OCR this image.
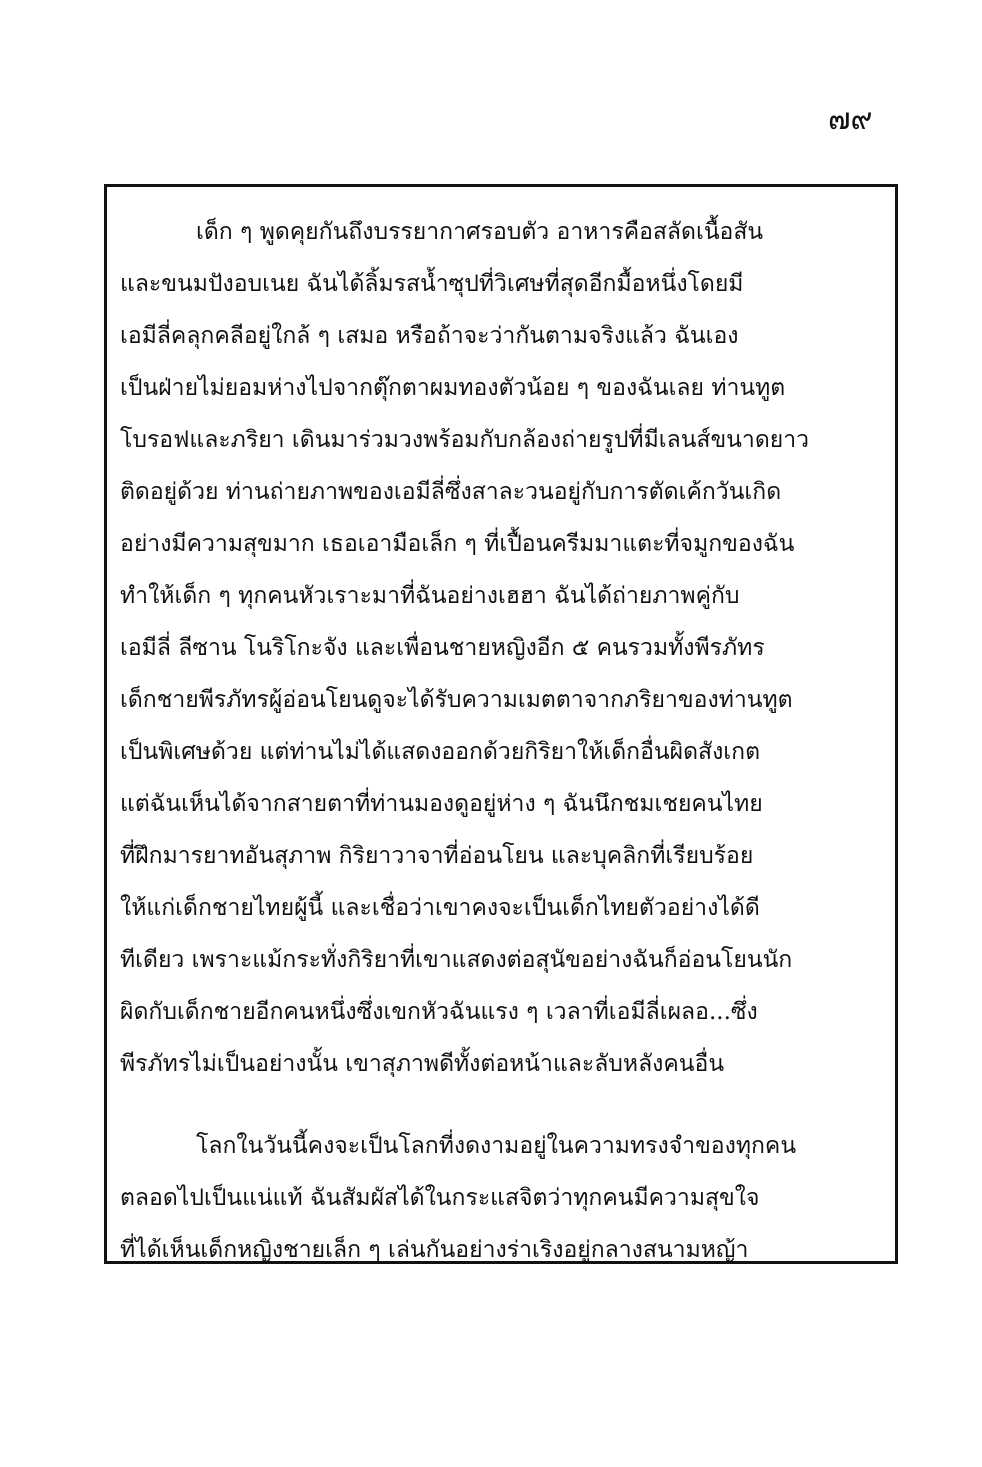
๗๙
เด็ก ๆ พูดคุยกันถึงบรรยากาศรอบตัว อาหารคือสลัดเนื้อสัน
และขนมปังอบเนย ฉันได้ลิ้มรสน้ำซุปที่วิเศษที่สุดอีกมื้อหนึ่งโดยมี
เอมีลี่คลุกคลีอยู่ใกล้ ๆ เสมอ หรือถ้าจะว่ากันตามจริงแล้ว ฉันเอง
เป็นฝ่ายไม่ยอมห่างไปจากตุ๊กตาผมทองตัวน้อย ๆ ของฉันเลย ท่านทูต
โบรอฟและภริยา เดินมาร่วมวงพร้อมกับกล้องถ่ายรูปที่มีเลนส์ขนาดยาว
ติดอยู่ด้วย ท่านถ่ายภาพของเอมีลี่ซึ่งสาละวนอยู่กับการตัดเค้กวันเกิด
อย่างมีความสุขมาก เธอเอามือเล็ก ๆ ที่เปื้อนครีมมาแตะที่จมูกของฉัน
ทำให้เด็ก ๆ ทุกคนหัวเราะมาที่ฉันอย่างเฮฮา ฉันได้ถ่ายภาพคู่กับ
เอมีลี่ ลีซาน โนริโกะจัง และเพื่อนชายหญิงอีก ๕ คนรวมทั้งพีรภัทร
เด็กชายพีรภัทรผู้อ่อนโยนดูจะได้รับความเมตตาจากภริยาของท่านทูต
เป็นพิเศษด้วย แต่ท่านไม่ได้แสดงออกด้วยกิริยาให้เด็กอื่นผิดสังเกต
แต่ฉันเห็นได้จากสายตาที่ท่านมองดูอยู่ห่าง ๆ ฉันนึกชมเชยคนไทย
ที่ฝึกมารยาทอันสุภาพ กิริยาวาจาที่อ่อนโยน และบุคลิกที่เรียบร้อย
ให้แก่เด็กชายไทยผู้นี้ และเชื่อว่าเขาคงจะเป็นเด็กไทยตัวอย่างได้ดี
ทีเดียว เพราะแม้กระทั่งกิริยาที่เขาแสดงต่อสุนัขอย่างฉันก็อ่อนโยนนัก
ผิดกับเด็กชายอีกคนหนึ่งซึ่งเขกหัวฉันแรง ๆ เวลาที่เอมีลี่เผลอ...ซึ่ง
พีรภัทรไม่เป็นอย่างนั้น เขาสุภาพดีทั้งต่อหน้าและลับหลังคนอื่น
โลกในวันนี้คงจะเป็นโลกที่งดงามอยู่ในความทรงจำของทุกคน
ตลอดไปเป็นแน่แท้ ฉันสัมผัสได้ในกระแสจิตว่าทุกคนมีความสุขใจ
ที่ได้เห็นเด็กหญิงชายเล็ก ๆ เล่นกันอย่างร่าเริงอยู่กลางสนามหญ้า
